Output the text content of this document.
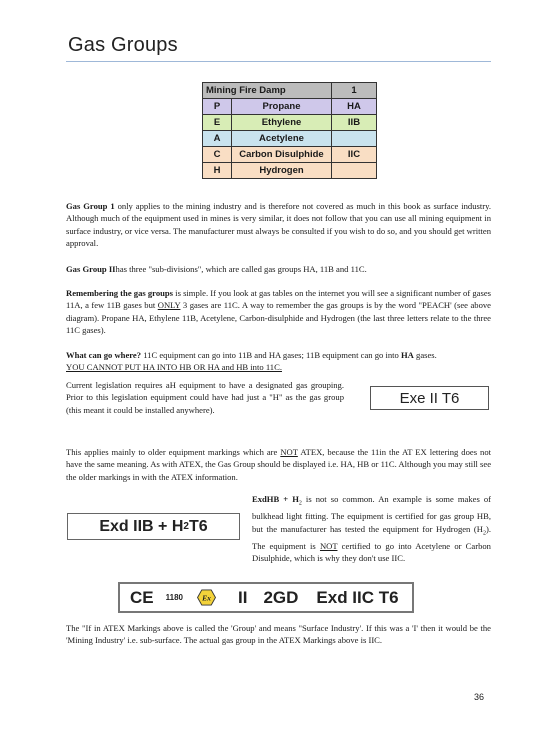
Gas Groups
Mining Fire Damp		1
P	Propane	HA
E	Ethylene	IIB
A	Acetylene	
C	Carbon Disulphide	IIC
H	Hydrogen	
Gas Group 1 only applies to the mining industry and is therefore not covered as much in this book as surface industry. Although much of the equipment used in mines is very similar, it does not follow that you can use all mining equipment in surface industry, or vice versa. The manufacturer must always be consulted if you wish to do so, and you should get written approval.
Gas Group IIhas three "sub-divisions", which are called gas groups HA, 11B and 11C.
Remembering the gas groups is simple. If you look at gas tables on the internet you will see a significant number of gases 11A, a few 11B gases but ONLY 3 gases are 11C. A way to remember the gas groups is by the word "PEACH' (see above diagram). Propane HA, Ethylene 11B, Acetylene, Carbon-disulphide and Hydrogen (the last three letters relate to the three 11C gases).
What can go where? 11C equipment can go into 11B and HA gases; 11B equipment can go into HA gases.
YOU CANNOT PUT HA INTO HB OR HA and HB into 11C.
Current legislation requires aH equipment to have a designated gas grouping. Prior to this legislation equipment could have had just a "H" as the gas group (this meant it could be installed anywhere).
Exe II T6
This applies mainly to older equipment markings which are NOT ATEX, because the 11in the AT EX lettering does not have the same meaning. As with ATEX, the Gas Group should be displayed i.e. HA, HB or 11C. Although you may still see the older markings in with the ATEX information.
Exd IIB + H 2 T6
ExdHB + $H_2$ is not so common. An example is some makes of bulkhead light fitting. The equipment is certified for gas group HB, but the manufacturer has tested the equipment for Hydrogen $(H_2)$. The equipment is NOT certified to go into Acetylene or Carbon Disulphide, which is why they don't use IIC.
CE 1180 Ex II 2GD Exd IIC T6
The "If in ATEX Markings above is called the 'Group' and means "Surface Industry'. If this was a 'I' then it would be the 'Mining Industry' i.e. sub-surface. The actual gas group in the ATEX Markings above is IIC.
36
